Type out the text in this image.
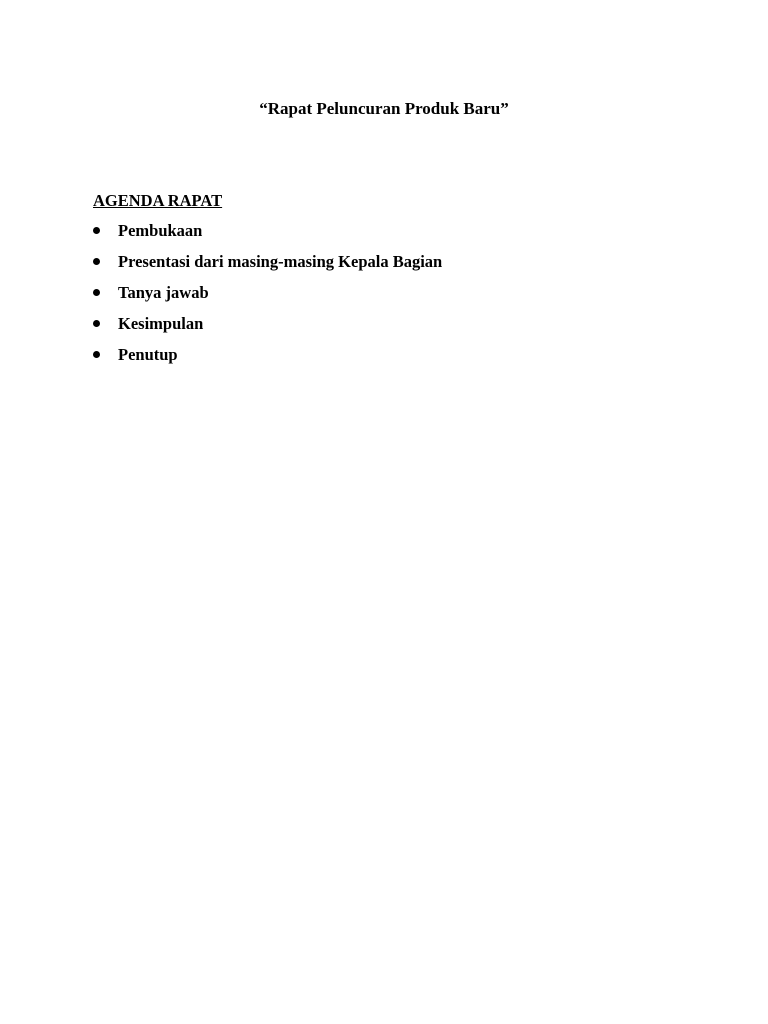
“Rapat Peluncuran Produk Baru”
AGENDA RAPAT
Pembukaan
Presentasi dari masing-masing Kepala Bagian
Tanya jawab
Kesimpulan
Penutup
